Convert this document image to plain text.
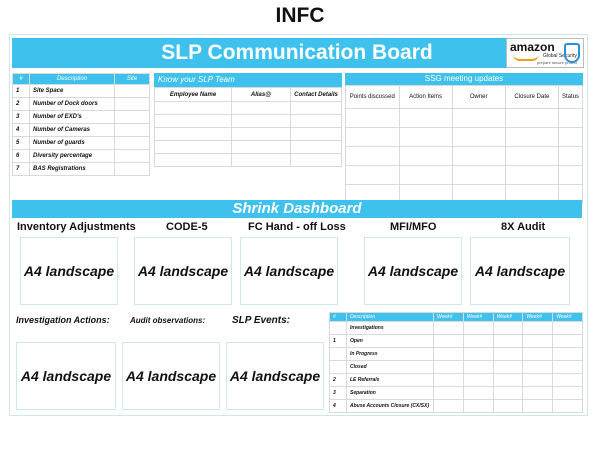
INFC
SLP Communication Board	amazon
Global Security
prepare secure protect
#	Description	Site
1	Site Space	
2	Number of Dock doors	
3	Number of EXD's	
4	Number of Cameras	
5	Number of guards	
6	Diversity percentage	
7	BAS Registrations	
Know your SLP Team
Employee Name	Alias@	Contact Details

SSG meeting updates
Points discussed	Action Items	Owner	Closure Date	Status

Shrink Dashboard
Inventory Adjustments	CODE-5	FC Hand - off Loss	MFI/MFO	8X Audit
A4 landscape A4 landscape A4 landscape A4 landscape	A4 landscape
Investigation Actions:	Audit observations:	SLP Events:
A4 landscape	A4 landscape A4 landscape
#	Description	Week#	Week#	Week#	Week#	Week#
	Investigations					
1	Open					
	In Progress					
	Closed					
2	LE Referrals					
3	Separation					
4	Abuse Accounts Closure (CX/SX)					
